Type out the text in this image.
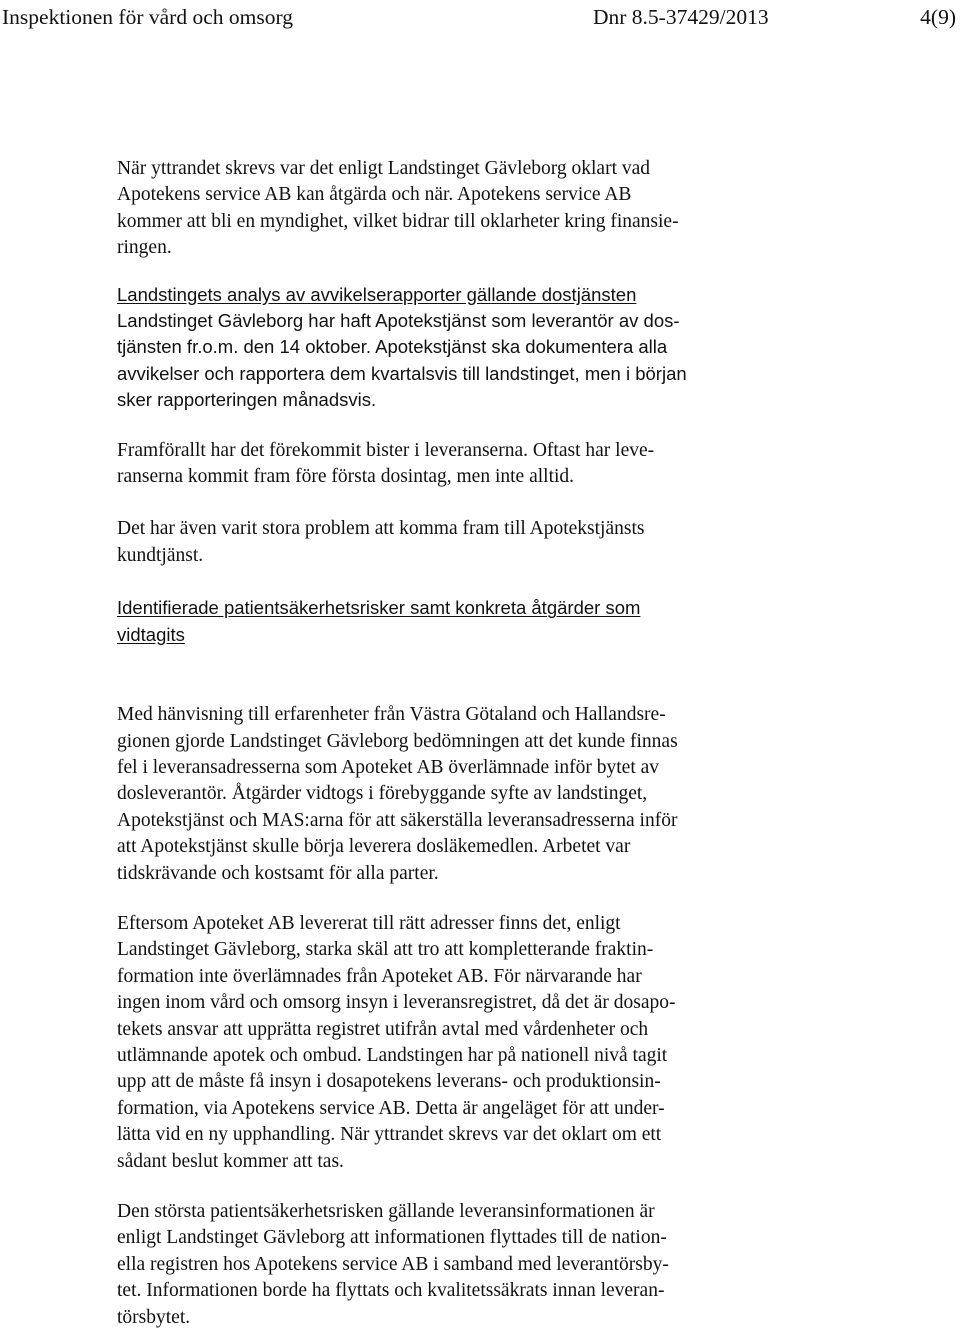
Inspektionen för vård och omsorg	Dnr 8.5-37429/2013	4(9)
När yttrandet skrevs var det enligt Landstinget Gävleborg oklart vad
Apotekens service AB kan åtgärda och när. Apotekens service AB
kommer att bli en myndighet, vilket bidrar till oklarheter kring finansie-
ringen.
Landstingets analys av avvikelserapporter gällande dostjänsten
Landstinget Gävleborg har haft Apotekstjänst som leverantör av dos-
tjänsten fr.o.m. den 14 oktober. Apotekstjänst ska dokumentera alla
avvikelser och rapportera dem kvartalsvis till landstinget, men i början
sker rapporteringen månadsvis.
Framförallt har det förekommit bister i leveranserna. Oftast har leve-
ranserna kommit fram före första dosintag, men inte alltid.
Det har även varit stora problem att komma fram till Apotekstjänsts
kundtjänst.
Identifierade patientsäkerhetsrisker samt konkreta åtgärder som
vidtagits
Med hänvisning till erfarenheter från Västra Götaland och Hallandsre-
gionen gjorde Landstinget Gävleborg bedömningen att det kunde finnas
fel i leveransadresserna som Apoteket AB överlämnade inför bytet av
dosleverantör. Åtgärder vidtogs i förebyggande syfte av landstinget,
Apotekstjänst och MAS:arna för att säkerställa leveransadresserna inför
att Apotekstjänst skulle börja leverera dosläkemedlen. Arbetet var
tidskrävande och kostsamt för alla parter.
Eftersom Apoteket AB levererat till rätt adresser finns det, enligt
Landstinget Gävleborg, starka skäl att tro att kompletterande fraktin-
formation inte överlämnades från Apoteket AB. För närvarande har
ingen inom vård och omsorg insyn i leveransregistret, då det är dosapo-
tekets ansvar att upprätta registret utifrån avtal med vårdenheter och
utlämnande apotek och ombud. Landstingen har på nationell nivå tagit
upp att de måste få insyn i dosapotekens leverans- och produktionsin-
formation, via Apotekens service AB. Detta är angeläget för att under-
lätta vid en ny upphandling. När yttrandet skrevs var det oklart om ett
sådant beslut kommer att tas.
Den största patientsäkerhetsrisken gällande leveransinformationen är
enligt Landstinget Gävleborg att informationen flyttades till de nation-
ella registren hos Apotekens service AB i samband med leverantörsby-
tet. Informationen borde ha flyttats och kvalitetssäkrats innan leveran-
törsbytet.
